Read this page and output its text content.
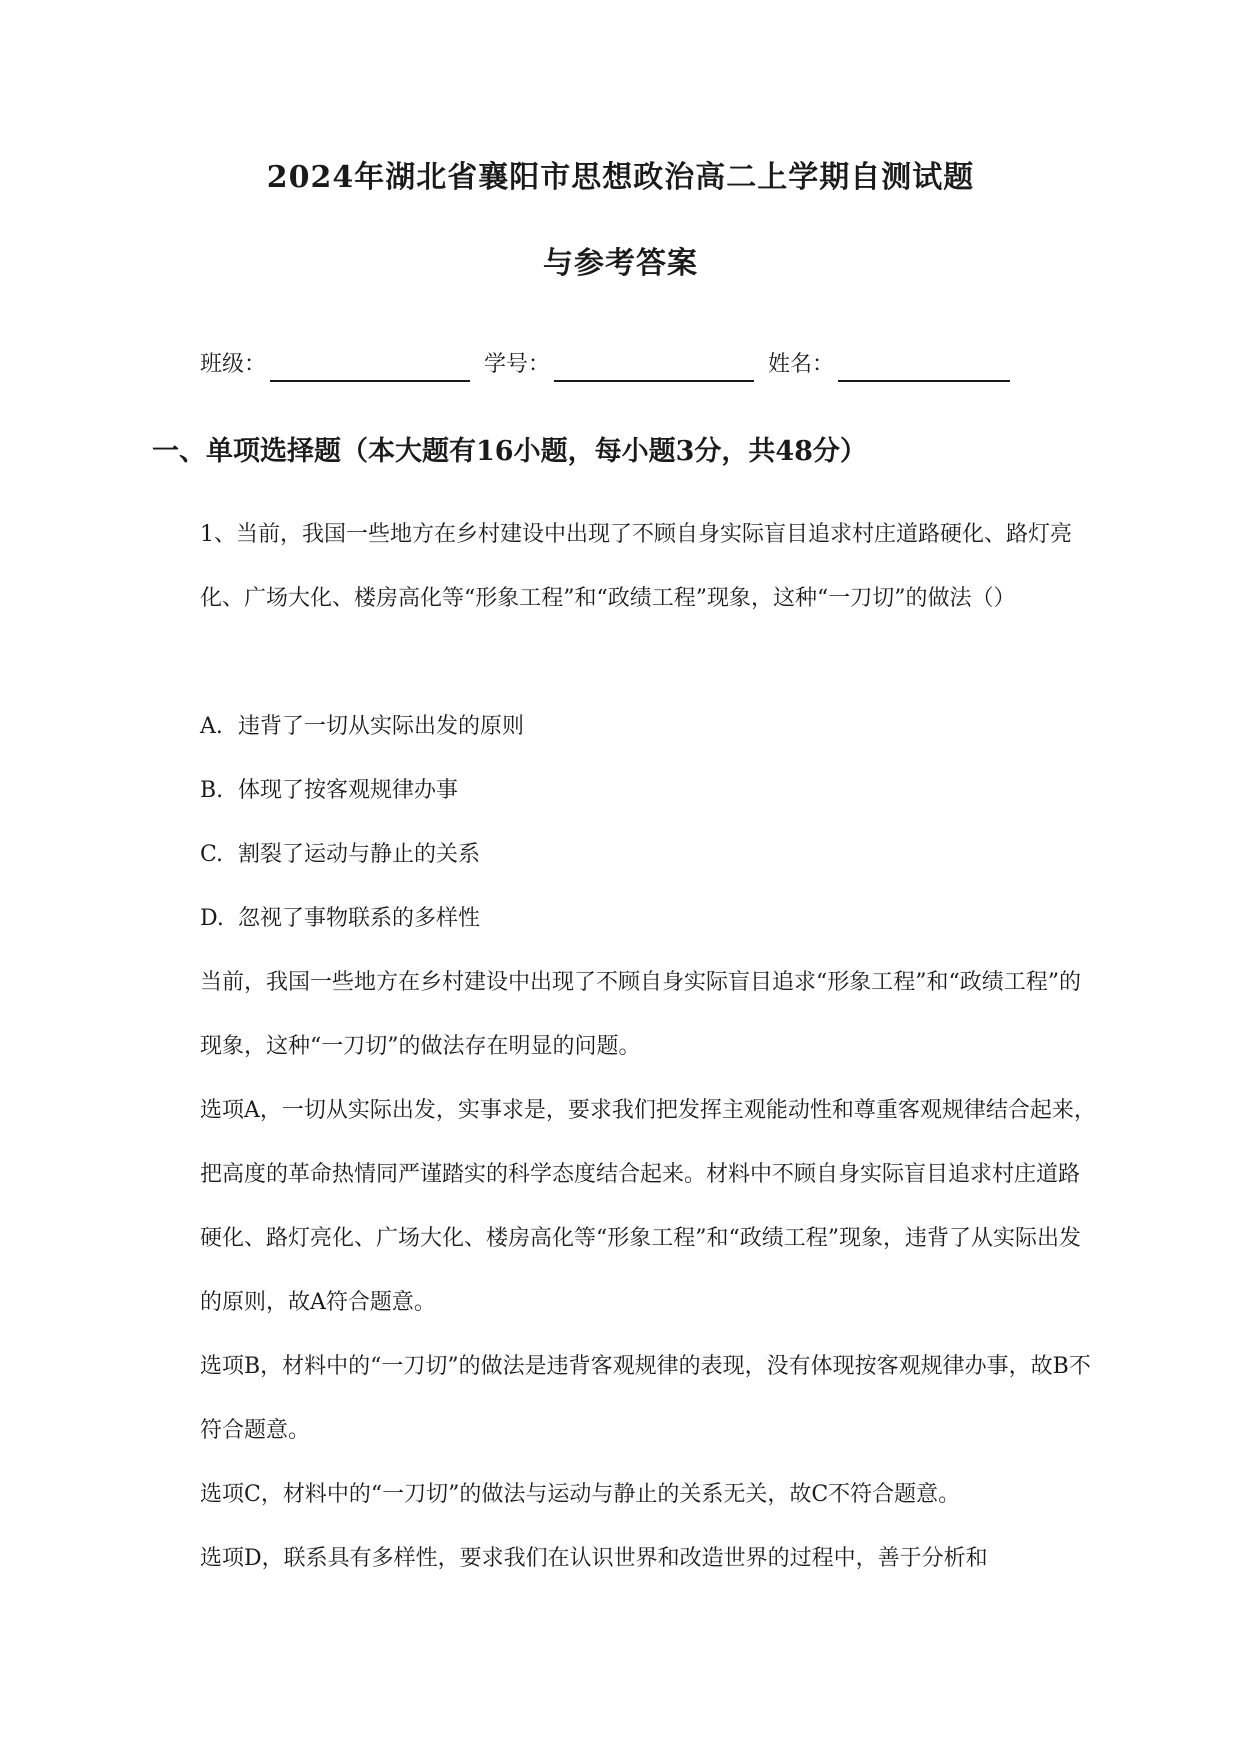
2024年湖北省襄阳市思想政治高二上学期自测试题
与参考答案
班级：	学号：	姓名：
一、单项选择题（本大题有16小题，每小题3分，共48分）

1、当前，我国一些地方在乡村建设中出现了不顾自身实际盲目追求村庄道路硬化、路灯亮化、广场大化、楼房高化等“形象工程”和“政绩工程”现象，这种“一刀切”的做法（）

A. 违背了一切从实际出发的原则

B. 体现了按客观规律办事

C. 割裂了运动与静止的关系

D. 忽视了事物联系的多样性

当前，我国一些地方在乡村建设中出现了不顾自身实际盲目追求“形象工程”和“政绩工程”的现象，这种“一刀切”的做法存在明显的问题。

选项A，一切从实际出发，实事求是，要求我们把发挥主观能动性和尊重客观规律结合起来，把高度的革命热情同严谨踏实的科学态度结合起来。材料中不顾自身实际盲目追求村庄道路硬化、路灯亮化、广场大化、楼房高化等“形象工程”和“政绩工程”现象，违背了从实际出发的原则，故A符合题意。

选项B，材料中的“一刀切”的做法是违背客观规律的表现，没有体现按客观规律办事，故B不符合题意。

选项C，材料中的“一刀切”的做法与运动与静止的关系无关，故C不符合题意。

选项D，联系具有多样性，要求我们在认识世界和改造世界的过程中，善于分析和
